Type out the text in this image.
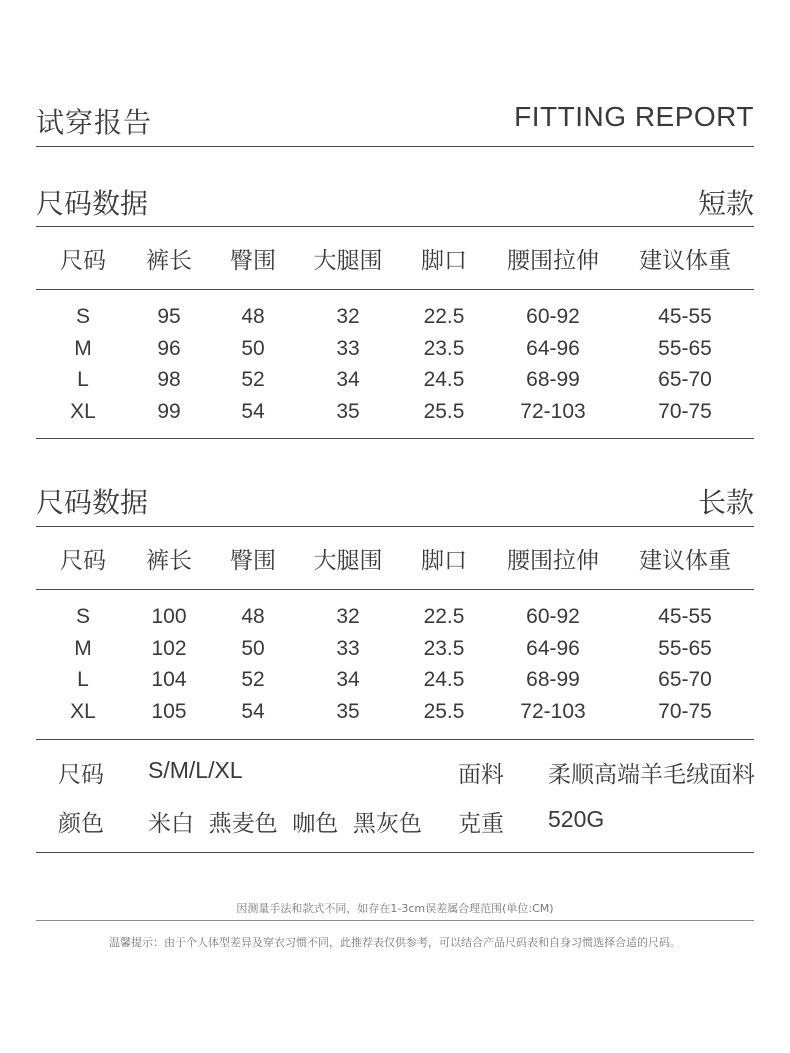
试穿报告	FITTING REPORT
尺码数据	短款
尺码 裤长 臀围 大腿围 脚口 腰围拉伸 建议体重
S	95	48	32	22.5	60-92	45-55
M	96	50	33	23.5	64-96	55-65
L	98	52	34	24.5	68-99	65-70
XL	99	54	35	25.5	72-103	70-75
尺码数据	长款
尺码 裤长 臀围 大腿围 脚口 腰围拉伸 建议体重
S	100	48	32	22.5	60-92	45-55
M	102	50	33	23.5	64-96	55-65
L	104	52	34	24.5	68-99	65-70
XL	105	54	35	25.5	72-103	70-75
尺码 S/M/L/XL	面料 柔顺高端羊毛绒面料
颜色 米白  燕麦色  咖色  黑灰色 克重 520G
因测量手法和款式不同，如存在1-3cm误差属合理范围(单位:CM)
温馨提示：由于个人体型差异及穿衣习惯不同，此推荐表仅供参考，可以结合产品尺码表和自身习惯选择合适的尺码。
